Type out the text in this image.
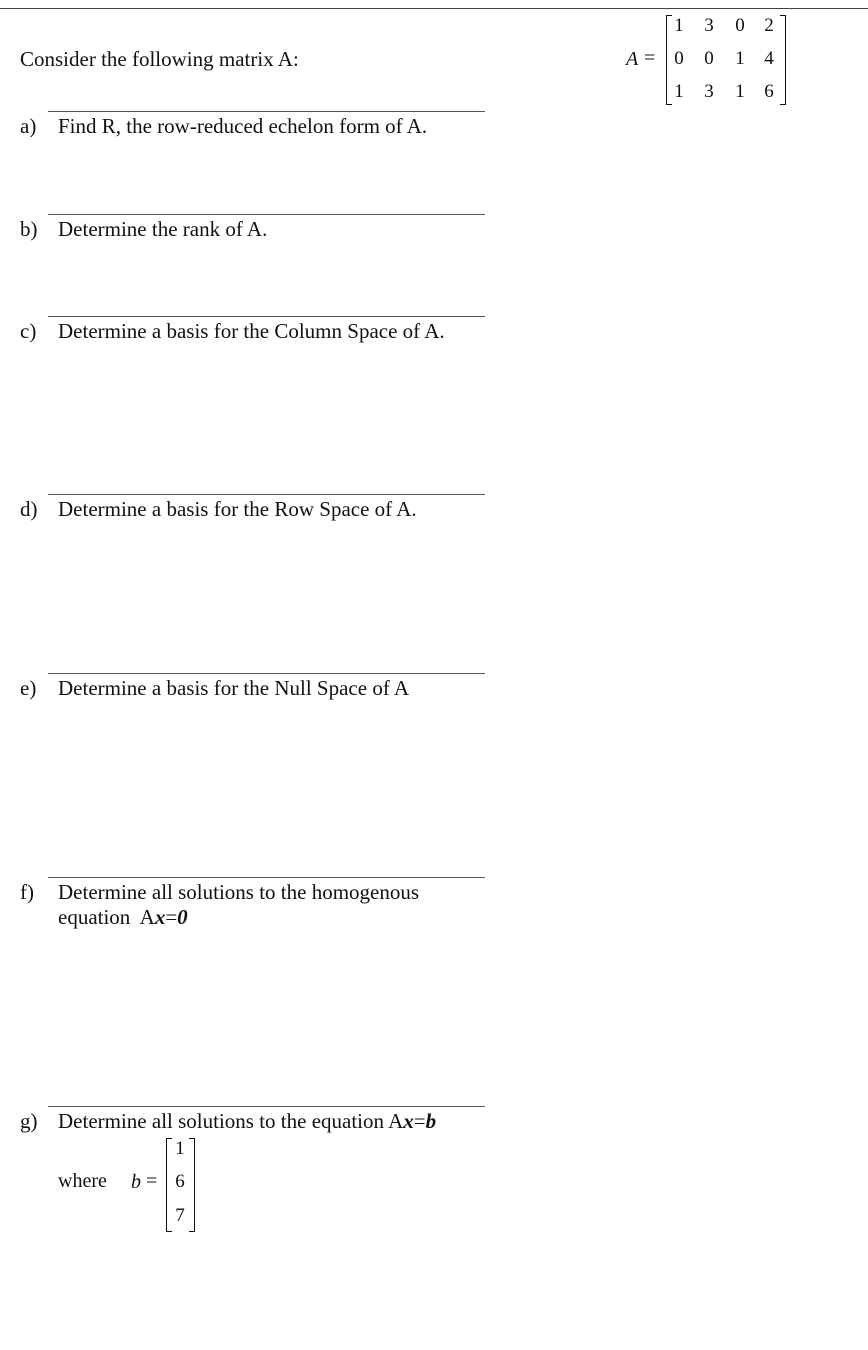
Consider the following matrix A:	A =
1 3 0 2
0 0 1 4
1 3 1 6
a) Find R, the row-reduced echelon form of A.
b) Determine the rank of A.
c) Determine a basis for the Column Space of A.
d) Determine a basis for the Row Space of A.
e) Determine a basis for the Null Space of A
f) Determine all solutions to the homogenous
equation  Ax=0
g) Determine all solutions to the equation Ax=b
where b =
1
6
7
